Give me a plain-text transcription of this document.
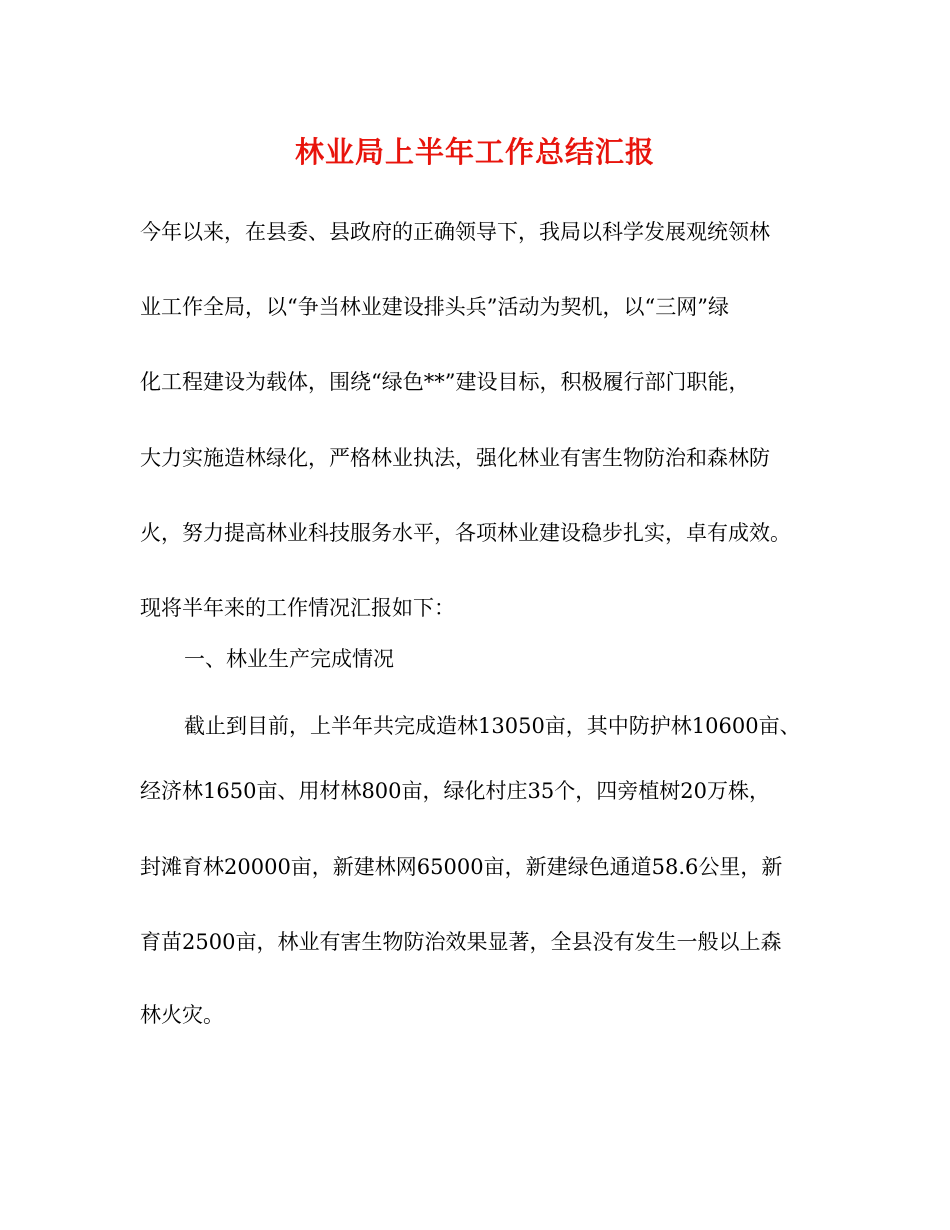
林业局上半年工作总结汇报
今年以来，在县委、县政府的正确领导下，我局以科学发展观统领林
业工作全局，以“争当林业建设排头兵”活动为契机，以“三网”绿
化工程建设为载体，围绕“绿色**”建设目标，积极履行部门职能，
大力实施造林绿化，严格林业执法，强化林业有害生物防治和森林防
火，努力提高林业科技服务水平，各项林业建设稳步扎实，卓有成效。
现将半年来的工作情况汇报如下：
一、林业生产完成情况
截止到目前，上半年共完成造林13050亩，其中防护林10600亩、
经济林1650亩、用材林800亩，绿化村庄35个，四旁植树20万株，
封滩育林20000亩，新建林网65000亩，新建绿色通道58.6公里，新
育苗2500亩，林业有害生物防治效果显著，全县没有发生一般以上森
林火灾。
